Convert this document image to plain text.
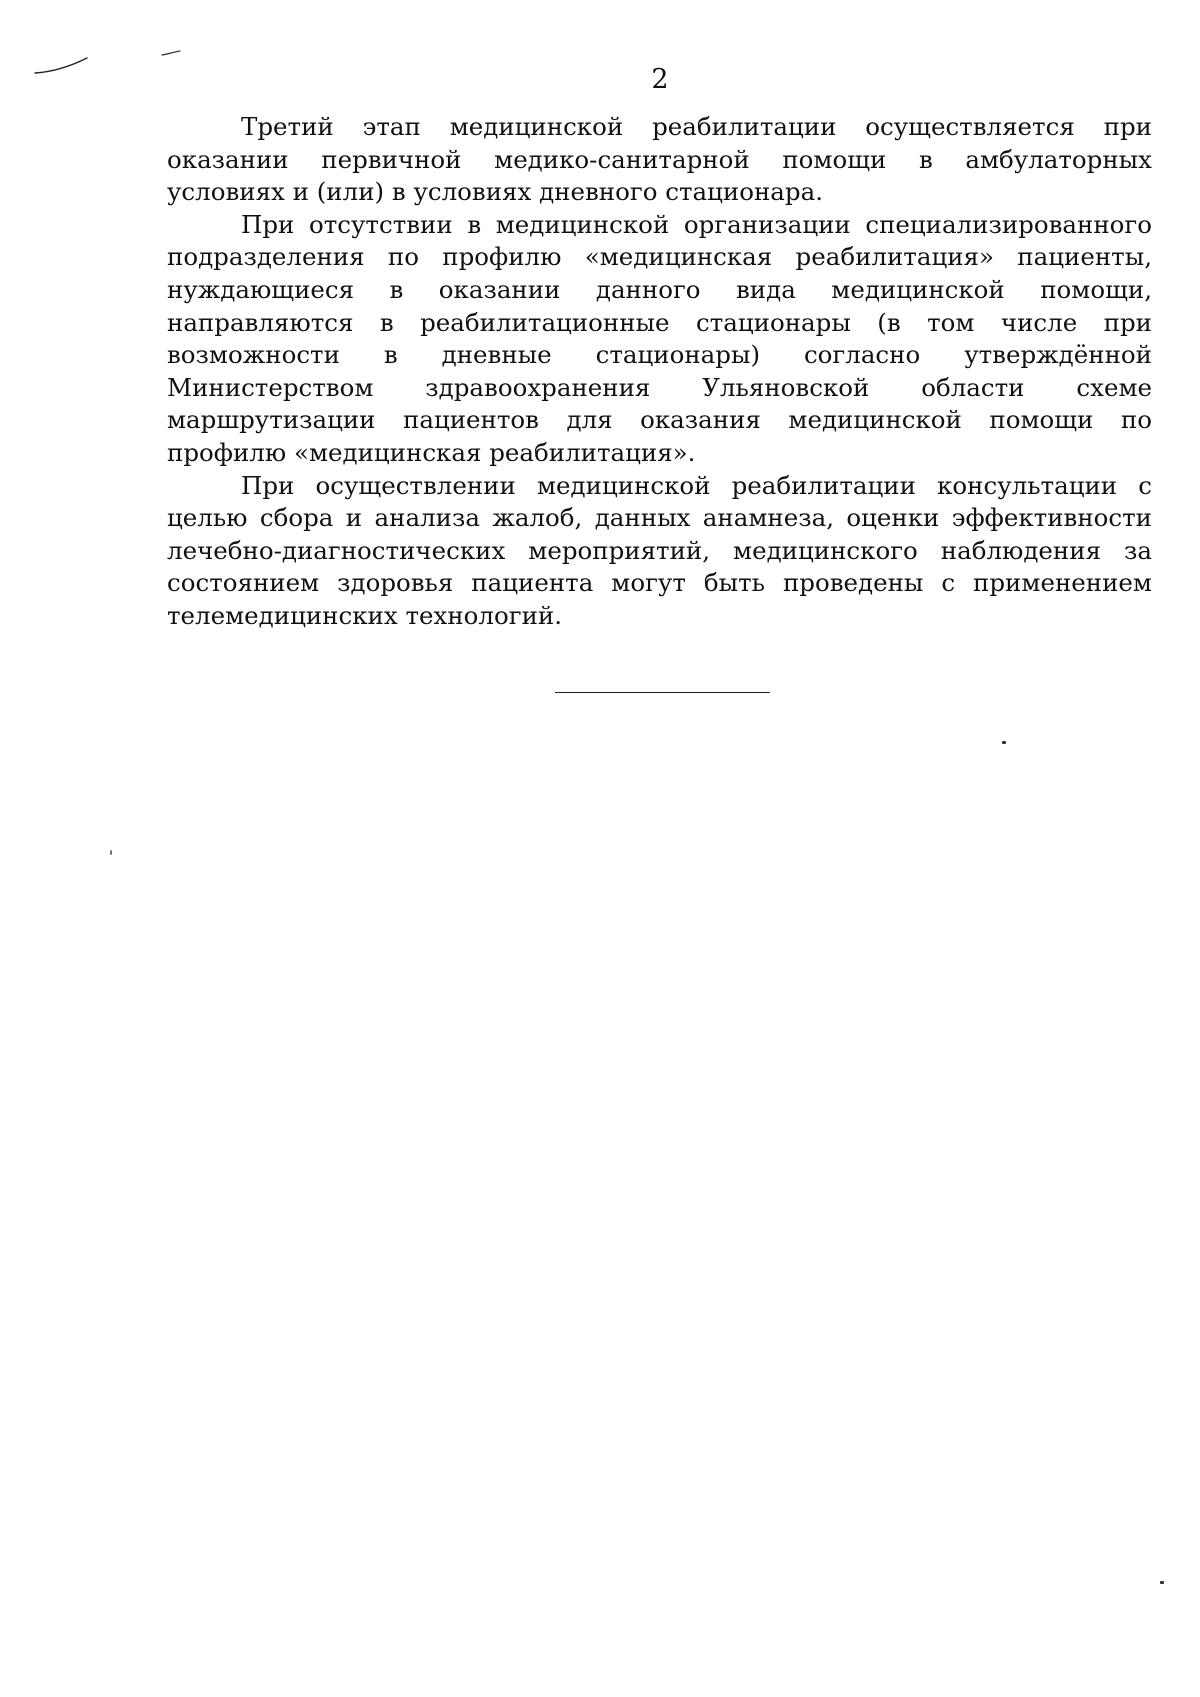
2

Третий этап медицинской реабилитации осуществляется при оказании первичной медико-санитарной помощи в амбулаторных условиях и (или) в условиях дневного стационара.

При отсутствии в медицинской организации специализированного подразделения по профилю «медицинская реабилитация» пациенты, нуждающиеся в оказании данного вида медицинской помощи, направляются в реабилитационные стационары (в том числе при возможности в дневные стационары) согласно утверждённой Министерством здравоохранения Ульяновской области схеме маршрутизации пациентов для оказания медицинской помощи по профилю «медицинская реабилитация».

При осуществлении медицинской реабилитации консультации с целью сбора и анализа жалоб, данных анамнеза, оценки эффективности лечебно-диагностических мероприятий, медицинского наблюдения за состоянием здоровья пациента могут быть проведены с применением телемедицинских технологий.
